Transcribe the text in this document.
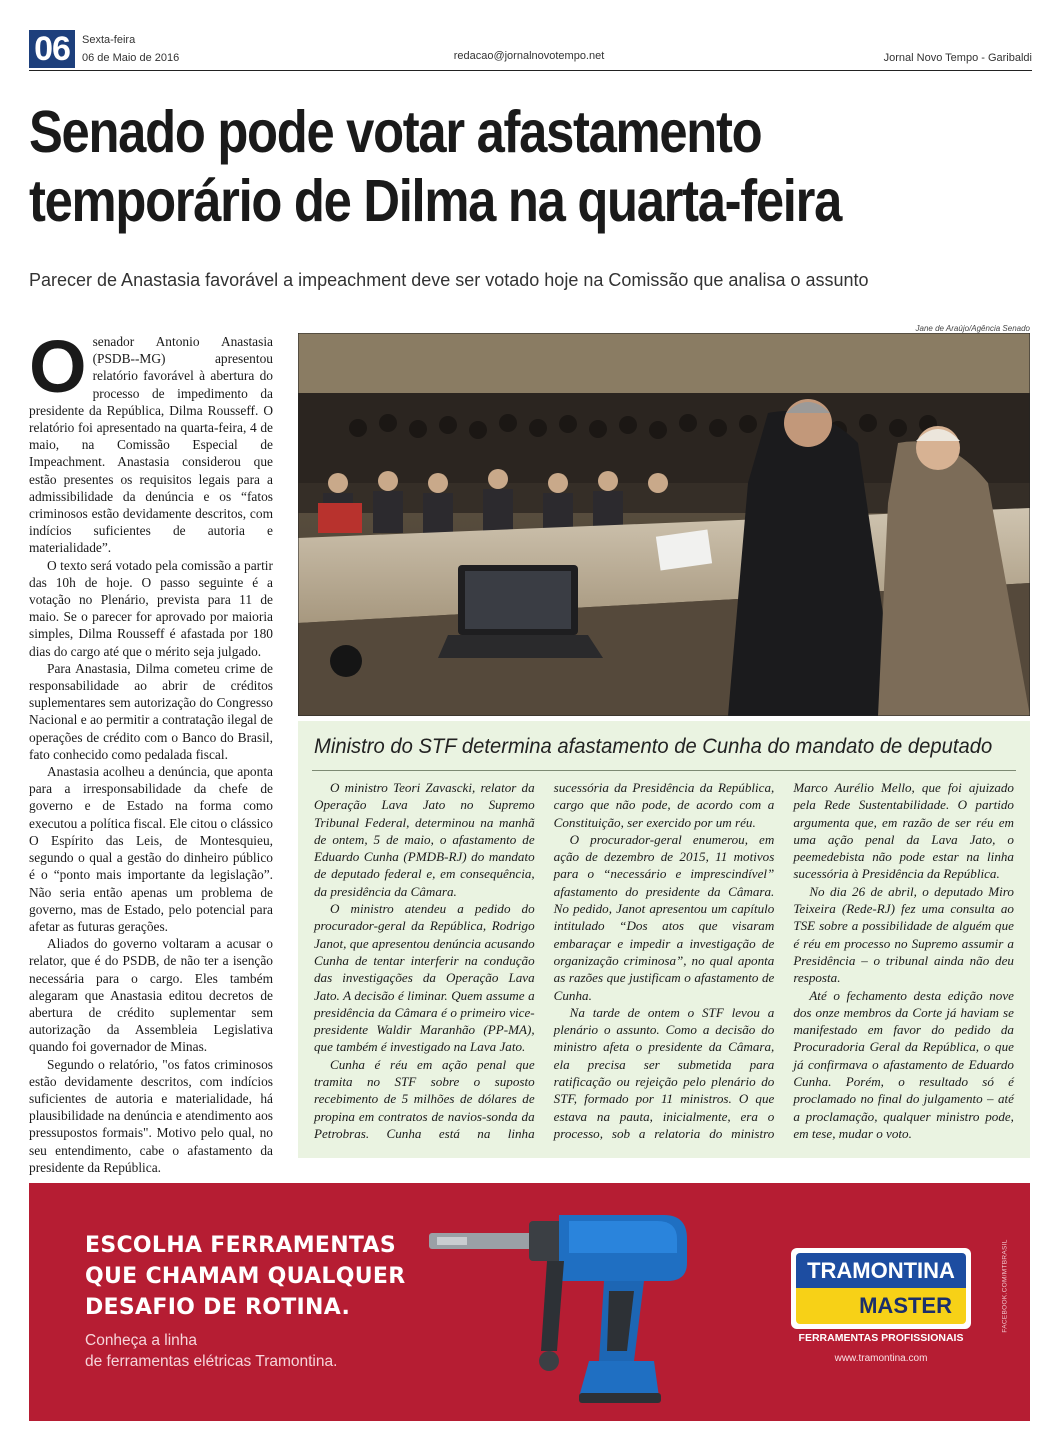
06	Sexta-feira
06 de Maio de 2016	redacao@jornalnovotempo.net	Jornal Novo Tempo - Garibaldi
Senado pode votar afastamento
temporário de Dilma na quarta-feira
Parecer de Anastasia favorável a impeachment deve ser votado hoje na Comissão que analisa o assunto
O senador Antonio Anastasia (PSDB--MG) apresentou relatório favorável à abertura do processo de impedimento da presidente da República, Dilma Rousseff. O relatório foi apresentado na quarta-feira, 4 de maio, na Comissão Especial de Impeachment. Anastasia considerou que estão presentes os requisitos legais para a admissibilidade da denúncia e os “fatos criminosos estão devidamente descritos, com indícios suficientes de autoria e materialidade”.

O texto será votado pela comissão a partir das 10h de hoje. O passo seguinte é a votação no Plenário, prevista para 11 de maio. Se o parecer for aprovado por maioria simples, Dilma Rousseff é afastada por 180 dias do cargo até que o mérito seja julgado.

Para Anastasia, Dilma cometeu crime de responsabilidade ao abrir de créditos suplementares sem autorização do Congresso Nacional e ao permitir a contratação ilegal de operações de crédito com o Banco do Brasil, fato conhecido como pedalada fiscal.

Anastasia acolheu a denúncia, que aponta para a irresponsabilidade da chefe de governo e de Estado na forma como executou a política fiscal. Ele citou o clássico O Espírito das Leis, de Montesquieu, segundo o qual a gestão do dinheiro público é o “ponto mais importante da legislação”. Não seria então apenas um problema de governo, mas de Estado, pelo potencial para afetar as futuras gerações.

Aliados do governo voltaram a acusar o relator, que é do PSDB, de não ter a isenção necessária para o cargo. Eles também alegaram que Anastasia editou decretos de abertura de crédito suplementar sem autorização da Assembleia Legislativa quando foi governador de Minas.

Segundo o relatório, "os fatos criminosos estão devidamente descritos, com indícios suficientes de autoria e materialidade, há plausibilidade na denúncia e atendimento aos pressupostos formais". Motivo pelo qual, no seu entendimento, cabe o afastamento da presidente da República.

Jane de Araújo/Agência Senado
Ministro do STF determina afastamento de Cunha do mandato de deputado

O ministro Teori Zavascki, relator da Operação Lava Jato no Supremo Tribunal Federal, determinou na manhã de ontem, 5 de maio, o afastamento de Eduardo Cunha (PMDB-RJ) do mandato de deputado federal e, em consequência, da presidência da Câmara.

O ministro atendeu a pedido do procurador-geral da República, Rodrigo Janot, que apresentou denúncia acusando Cunha de tentar interferir na condução das investigações da Operação Lava Jato. A decisão é liminar. Quem assume a presidência da Câmara é o primeiro vice-presidente Waldir Maranhão (PP-MA), que também é investigado na Lava Jato.

Cunha é réu em ação penal que tramita no STF sobre o suposto recebimento de 5 milhões de dólares de propina em contratos de navios-sonda da Petrobras. Cunha está na linha sucessória da Presidência da República, cargo que não pode, de acordo com a Constituição, ser exercido por um réu.

O procurador-geral enumerou, em ação de dezembro de 2015, 11 motivos para o “necessário e imprescindível” afastamento do presidente da Câmara. No pedido, Janot apresentou um capítulo intitulado “Dos atos que visaram embaraçar e impedir a investigação de organização criminosa”, no qual aponta as razões que justificam o afastamento de Cunha.

Na tarde de ontem o STF levou a plenário o assunto. Como a decisão do ministro afeta o presidente da Câmara, ela precisa ser submetida para ratificação ou rejeição pelo plenário do STF, formado por 11 ministros. O que estava na pauta, inicialmente, era o processo, sob a relatoria do ministro Marco Aurélio Mello, que foi ajuizado pela Rede Sustentabilidade. O partido argumenta que, em razão de ser réu em uma ação penal da Lava Jato, o peemedebista não pode estar na linha sucessória à Presidência da República.

No dia 26 de abril, o deputado Miro Teixeira (Rede-RJ) fez uma consulta ao TSE sobre a possibilidade de alguém que é réu em processo no Supremo assumir a Presidência – o tribunal ainda não deu resposta.

Até o fechamento desta edição nove dos onze membros da Corte já haviam se manifestado em favor do pedido da Procuradoria Geral da República, o que já confirmava o afastamento de Eduardo Cunha. Porém, o resultado só é proclamado no final do julgamento – até a proclamação, qualquer ministro pode, em tese, mudar o voto.

ESCOLHA FERRAMENTAS
QUE CHAMAM QUALQUER
DESAFIO DE ROTINA.
Conheça a linha
de ferramentas elétricas Tramontina.
FACEBOOK.COM/MTBRASIL
TRAMONTINA
MASTER
FERRAMENTAS PROFISSIONAIS
www.tramontina.com
